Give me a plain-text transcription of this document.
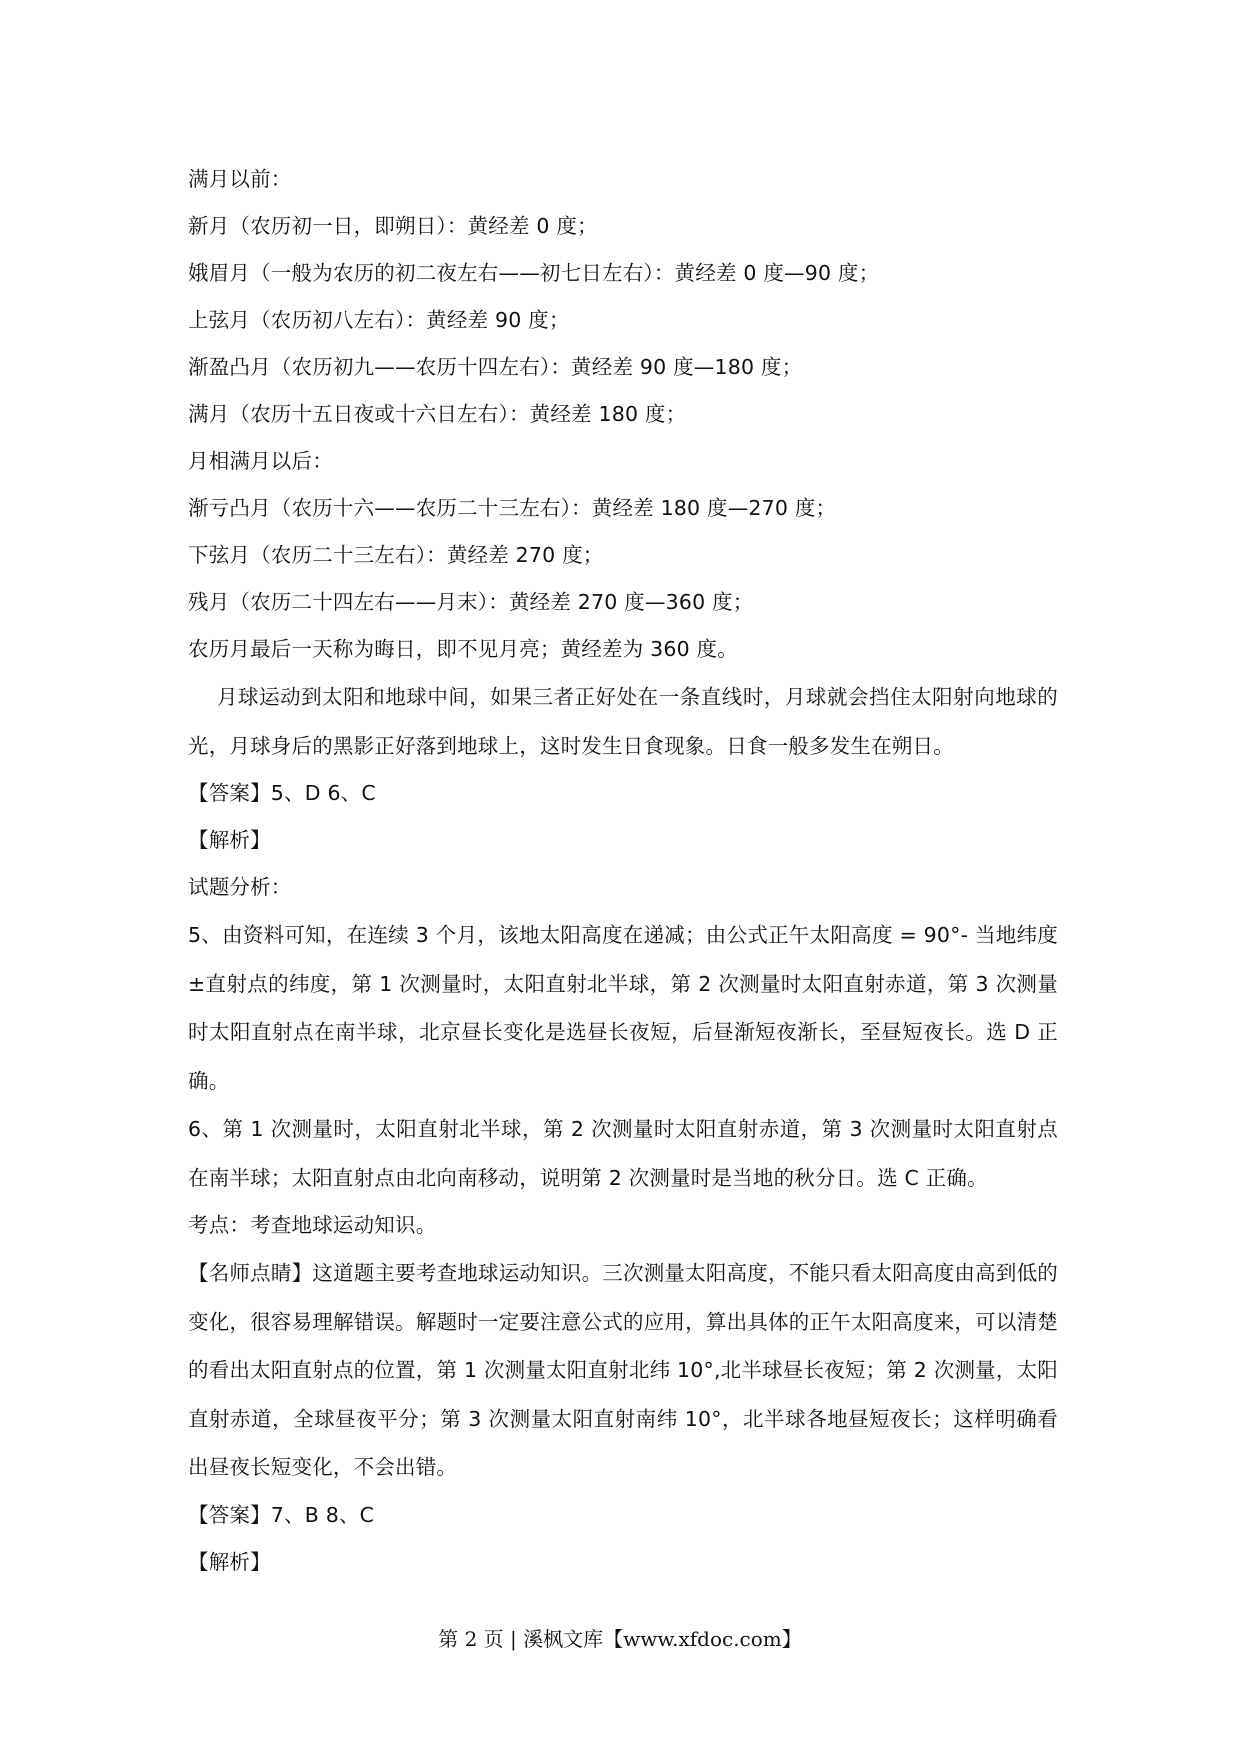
满月以前：
新月（农历初一日，即朔日）：黄经差 0 度；
娥眉月（一般为农历的初二夜左右——初七日左右）：黄经差 0 度—90 度；
上弦月（农历初八左右）：黄经差 90 度；
渐盈凸月（农历初九——农历十四左右）：黄经差 90 度—180 度；
满月（农历十五日夜或十六日左右）：黄经差 180 度；
月相满月以后：
渐亏凸月（农历十六——农历二十三左右）：黄经差 180 度—270 度；
下弦月（农历二十三左右）：黄经差 270 度；
残月（农历二十四左右——月末）：黄经差 270 度—360 度；
农历月最后一天称为晦日，即不见月亮；黄经差为 360 度。
月球运动到太阳和地球中间，如果三者正好处在一条直线时，月球就会挡住太阳射向地球的光，月球身后的黑影正好落到地球上，这时发生日食现象。日食一般多发生在朔日。
【答案】5、D 6、C
【解析】
试题分析：
5、由资料可知，在连续 3 个月，该地太阳高度在递减；由公式正午太阳高度 = 90°- 当地纬度±直射点的纬度，第 1 次测量时，太阳直射北半球，第 2 次测量时太阳直射赤道，第 3 次测量时太阳直射点在南半球，北京昼长变化是选昼长夜短，后昼渐短夜渐长，至昼短夜长。选 D 正确。
6、第 1 次测量时，太阳直射北半球，第 2 次测量时太阳直射赤道，第 3 次测量时太阳直射点在南半球；太阳直射点由北向南移动，说明第 2 次测量时是当地的秋分日。选 C 正确。
考点：考查地球运动知识。
【名师点睛】这道题主要考查地球运动知识。三次测量太阳高度，不能只看太阳高度由高到低的变化，很容易理解错误。解题时一定要注意公式的应用，算出具体的正午太阳高度来，可以清楚的看出太阳直射点的位置，第 1 次测量太阳直射北纬 10°,北半球昼长夜短；第 2 次测量，太阳直射赤道，全球昼夜平分；第 3 次测量太阳直射南纬 10°，北半球各地昼短夜长；这样明确看出昼夜长短变化，不会出错。
【答案】7、B 8、C
【解析】
第 2 页 | 溪枫文库【www.xfdoc.com】
